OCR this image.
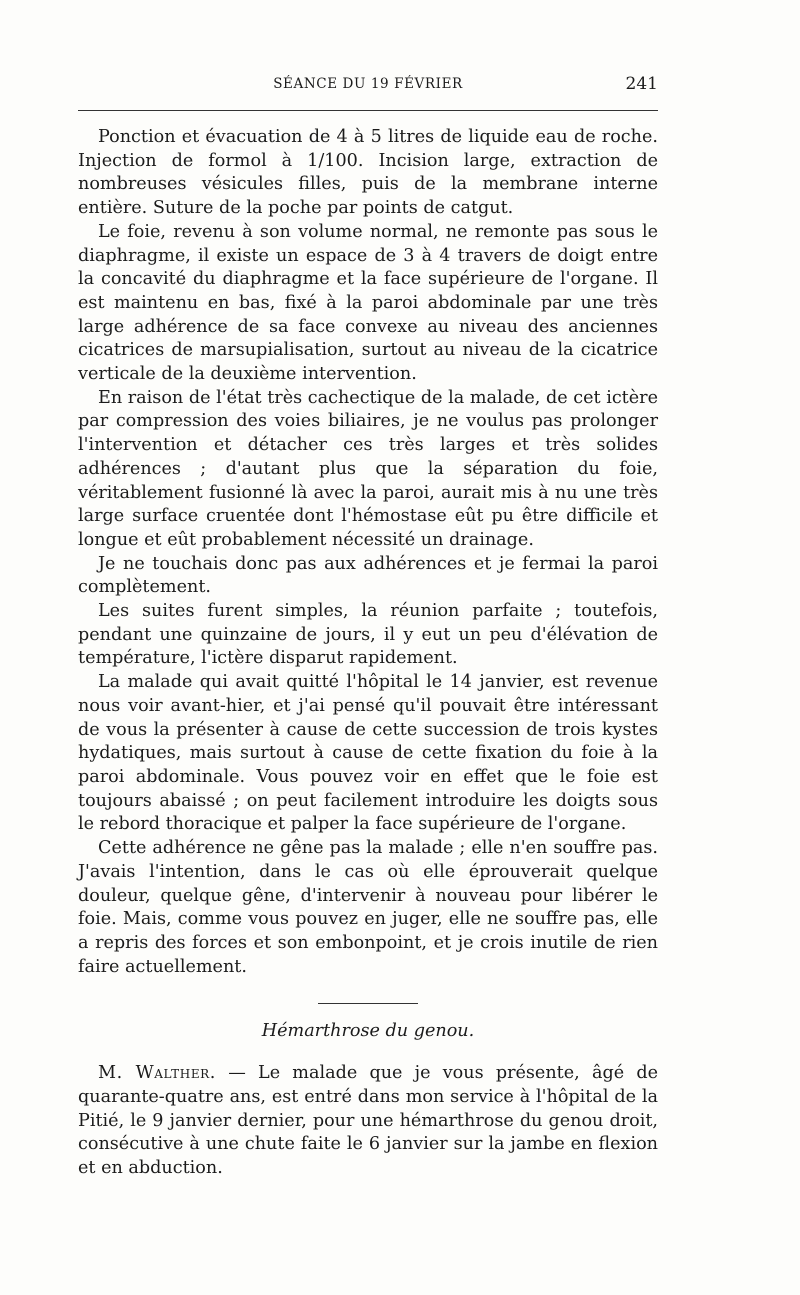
SÉANCE DU 19 FÉVRIER	241

Ponction et évacuation de 4 à 5 litres de liquide eau de roche. Injection de formol à 1/100. Incision large, extraction de nombreuses vésicules filles, puis de la membrane interne entière. Suture de la poche par points de catgut.

Le foie, revenu à son volume normal, ne remonte pas sous le diaphragme, il existe un espace de 3 à 4 travers de doigt entre la concavité du diaphragme et la face supérieure de l'organe. Il est maintenu en bas, fixé à la paroi abdominale par une très large adhérence de sa face convexe au niveau des anciennes cicatrices de marsupialisation, surtout au niveau de la cicatrice verticale de la deuxième intervention.

En raison de l'état très cachectique de la malade, de cet ictère par compression des voies biliaires, je ne voulus pas prolonger l'intervention et détacher ces très larges et très solides adhérences ; d'autant plus que la séparation du foie, véritablement fusionné là avec la paroi, aurait mis à nu une très large surface cruentée dont l'hémostase eût pu être difficile et longue et eût probablement nécessité un drainage.

Je ne touchais donc pas aux adhérences et je fermai la paroi complètement.

Les suites furent simples, la réunion parfaite ; toutefois, pendant une quinzaine de jours, il y eut un peu d'élévation de température, l'ictère disparut rapidement.

La malade qui avait quitté l'hôpital le 14 janvier, est revenue nous voir avant-hier, et j'ai pensé qu'il pouvait être intéressant de vous la présenter à cause de cette succession de trois kystes hydatiques, mais surtout à cause de cette fixation du foie à la paroi abdominale. Vous pouvez voir en effet que le foie est toujours abaissé ; on peut facilement introduire les doigts sous le rebord thoracique et palper la face supérieure de l'organe.

Cette adhérence ne gêne pas la malade ; elle n'en souffre pas. J'avais l'intention, dans le cas où elle éprouverait quelque douleur, quelque gêne, d'intervenir à nouveau pour libérer le foie. Mais, comme vous pouvez en juger, elle ne souffre pas, elle a repris des forces et son embonpoint, et je crois inutile de rien faire actuellement.

Hémarthrose du genou.

M. Walther. — Le malade que je vous présente, âgé de quarante-quatre ans, est entré dans mon service à l'hôpital de la Pitié, le 9 janvier dernier, pour une hémarthrose du genou droit, consécutive à une chute faite le 6 janvier sur la jambe en flexion et en abduction.
